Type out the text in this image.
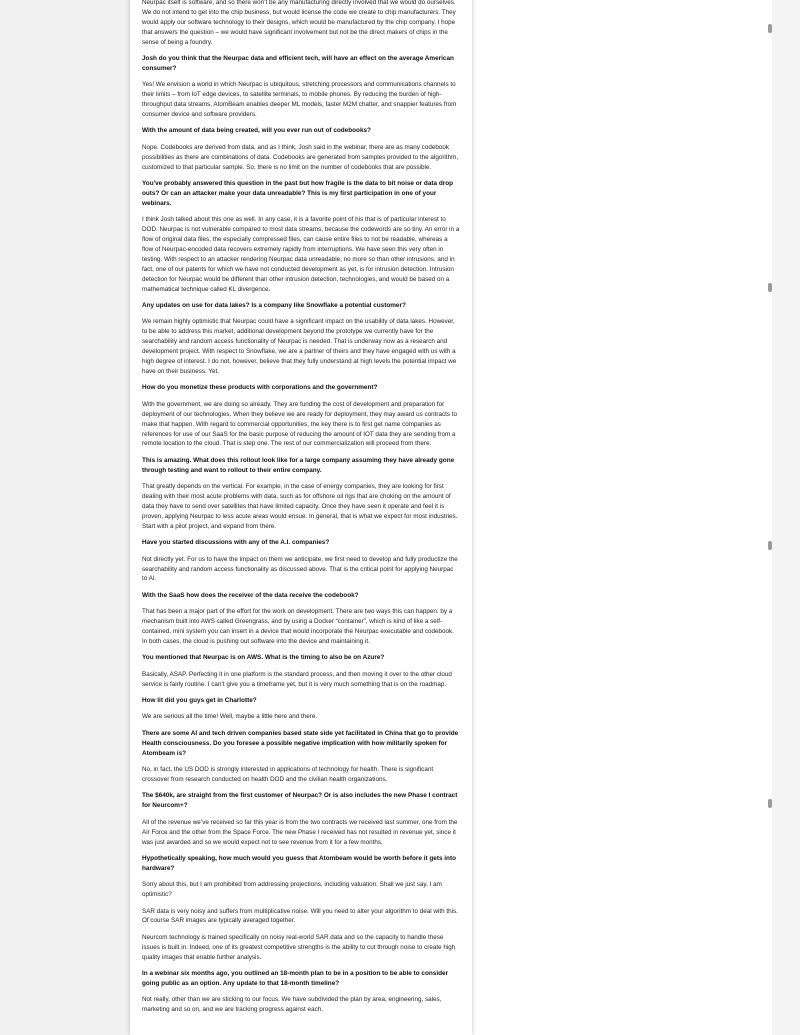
Neurpac itself is software, and so there won’t be any manufacturing directly involved that we would do ourselves. We do not intend to get into the chip business, but would license the code we create to chip manufacturers. They would apply our software technology to their designs, which would be manufactured by the chip company. I hope that answers the question – we would have significant involvement but not be the direct makers of chips in the sense of being a foundry.

Josh do you think that the Neurpac data and efficient tech, will have an effect on the average American consumer?

Yes! We envision a world in which Neurpac is ubiquitous, stretching processors and communications channels to their limits – from IoT edge devices, to satellite terminals, to mobile phones. By reducing the burden of high-throughput data streams, AtomBeam enables deeper ML models, faster M2M chatter, and snappier features from consumer device and software providers.

With the amount of data being created, will you ever run out of codebooks?

Nope. Codebooks are derived from data, and as I think, Josh said in the webinar, there are as many codebook possibilities as there are combinations of data. Codebooks are generated from samples provided to the algorithm, customized to that particular sample. So, there is no limit on the number of codebooks that are possible.

You've probably answered this question in the past but how fragile is the data to bit noise or data drop outs? Or can an attacker make your data unreadable? This is my first participation in one of your webinars.

I think Josh talked about this one as well. In any case, it is a favorite point of his that is of particular interest to DOD. Neurpac is not vulnerable compared to most data streams, because the codewords are so tiny. An error in a flow of original data files, the especially compressed files, can cause entire files to not be readable, whereas a flow of Neurpac-encoded data recovers extremely rapidly from interruptions. We have seen this very often in testing. With respect to an attacker rendering Neurpac data unreadable, no more so than other intrusions, and in fact, one of our patents for which we have not conducted development as yet, is for intrusion detection. Intrusion detection for Neurpac would be different than other intrusion detection, technologies, and would be based on a mathematical technique called KL divergence.

Any updates on use for data lakes? Is a company like Snowflake a potential customer?

We remain highly optimistic that Neurpac could have a significant impact on the usability of data lakes. However, to be able to address this market, additional development beyond the prototype we currently have for the searchability and random access functionality of Neurpac is needed. That is underway now as a research and development project. With respect to Snowflake, we are a partner of theirs and they have engaged with us with a high degree of interest. I do not, however, believe that they fully understand at high levels the potential impact we have on their business. Yet.

How do you monetize these products with corporations and the government?

With the government, we are doing so already. They are funding the cost of development and preparation for deployment of our technologies. When they believe we are ready for deployment, they may award us contracts to make that happen. With regard to commercial opportunities, the key there is to first get name companies as references for use of our SaaS for the basic purpose of reducing the amount of IOT data they are sending from a remote location to the cloud. That is step one. The rest of our commercialization will proceed from there.

This is amazing. What does this rollout look like for a large company assuming they have already gone through testing and want to rollout to their entire company.

That greatly depends on the vertical. For example, in the case of energy companies, they are looking for first dealing with their most acute problems with data, such as for offshore oil rigs that are choking on the amount of data they have to send over satellites that have limited capacity. Once they have seen it operate and feel it is proven, applying Neurpac to less acute areas would ensue. In general, that is what we expect for most industries. Start with a pilot project, and expand from there.

Have you started discussions with any of the A.I. companies?

Not directly yet. For us to have the impact on them we anticipate, we first need to develop and fully productize the searchability and random access functionality as discussed above. That is the critical point for applying Neurpac to AI.

With the SaaS how does the receiver of the data receive the codebook?

That has been a major part of the effort for the work on development. There are two ways this can happen: by a mechanism built into AWS called Greengrass, and by using a Docker “container”, which is kind of like a self-contained, mini system you can insert in a device that would incorporate the Neurpac executable and codebook. In both cases, the cloud is pushing out software into the device and maintaining it.

You mentioned that Neurpac is on AWS. What is the timing to also be on Azure?

Basically, ASAP. Perfecting it in one platform is the standard process, and then moving it over to the other cloud service is fairly routine. I can’t give you a timeframe yet, but it is very much something that is on the roadmap.

How lit did you guys get in Charlotte?

We are serious all the time! Well, maybe a little here and there.

There are some AI and tech driven companies based state side yet facilitated in China that go to provide Health consciousness. Do you foresee a possible negative implication with how militarily spoken for Atombeam is?

No, in fact, the US DOD is strongly interested in applications of technology for health. There is significant crossover from research conducted on health DOD and the civilian health organizations.

The $640k, are straight from the first customer of Neurpac? Or is also includes the new Phase I contract for Neurcom+?

All of the revenue we’ve received so far this year is from the two contracts we received last summer, one from the Air Force and the other from the Space Force. The new Phase I received has not resulted in revenue yet, since it was just awarded and so we would expect not to see revenue from it for a few months.

Hypothetically speaking, how much would you guess that Atombeam would be worth before it gets into hardware?

Sorry about this, but I am prohibited from addressing projections, including valuation. Shall we just say, I am optimistic?

SAR data is very noisy and suffers from multiplicative noise. Will you need to alter your algorithm to deal with this. Of course SAR images are typically averaged together.

Neurcom technology is trained specifically on noisy real-world SAR data and so the capacity to handle these issues is built in. Indeed, one of its greatest competitive strengths is the ability to cut through noise to create high quality images that enable further analysis.

In a webinar six months ago, you outlined an 18-month plan to be in a position to be able to consider going public as an option. Any update to that 18-month timeline?

Not really, other than we are sticking to our focus. We have subdivided the plan by area, engineering, sales, marketing and so on, and we are tracking progress against each.
